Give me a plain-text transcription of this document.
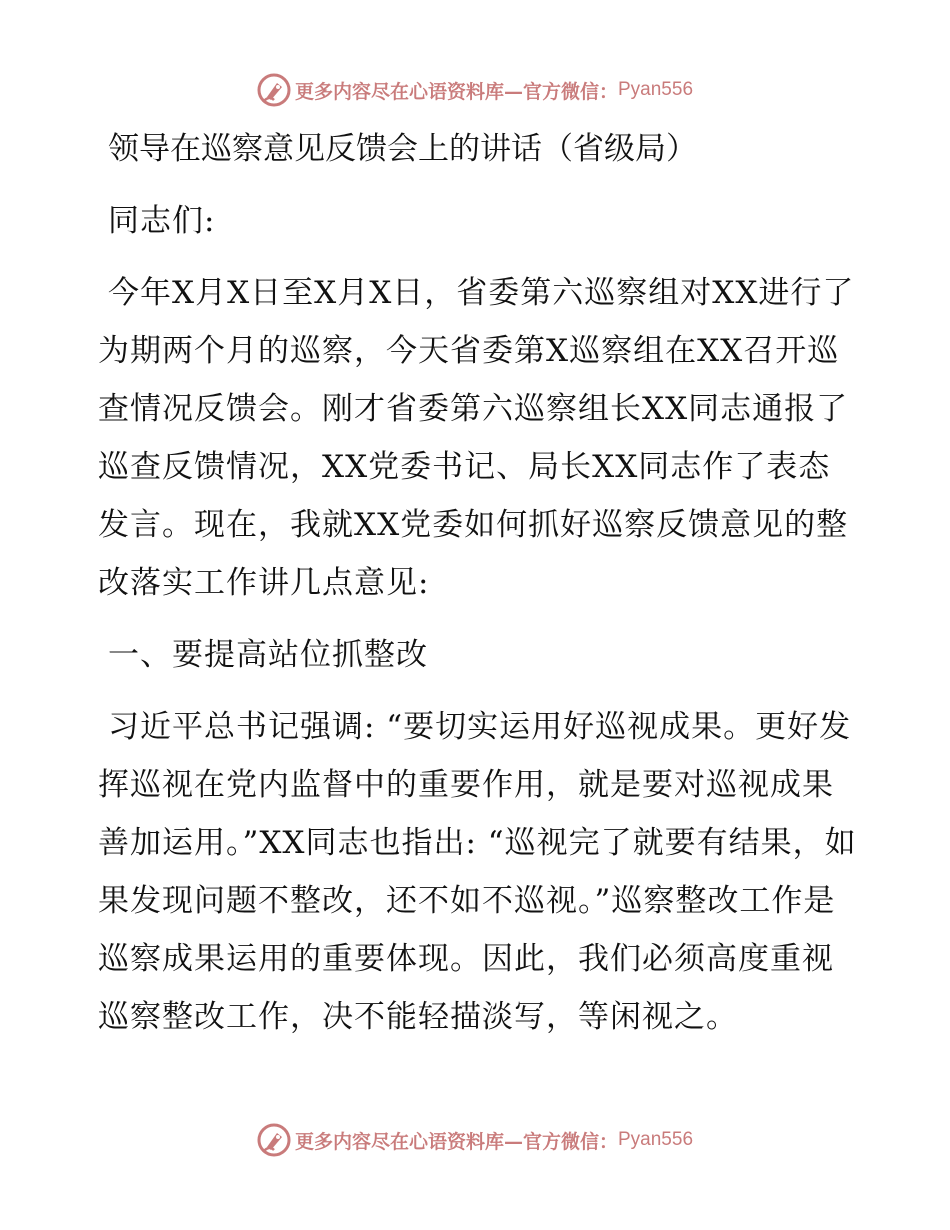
更多内容尽在心语资料库—官方微信： Pyan556
领导在巡察意见反馈会上的讲话（省级局）

同志们:

今年X月X日至X月X日，省委第六巡察组对XX进行了为期两个月的巡察，今天省委第X巡察组在XX召开巡查情况反馈会。刚才省委第六巡察组长XX同志通报了巡查反馈情况，XX党委书记、局长XX同志作了表态发言。现在，我就XX党委如何抓好巡察反馈意见的整改落实工作讲几点意见:

一、要提高站位抓整改

习近平总书记强调: “要切实运用好巡视成果。更好发挥巡视在党内监督中的重要作用，就是要对巡视成果善加运用。”XX同志也指出: “巡视完了就要有结果，如果发现问题不整改，还不如不巡视。”巡察整改工作是巡察成果运用的重要体现。因此，我们必须高度重视巡察整改工作，决不能轻描淡写，等闲视之。

更多内容尽在心语资料库—官方微信： Pyan556
